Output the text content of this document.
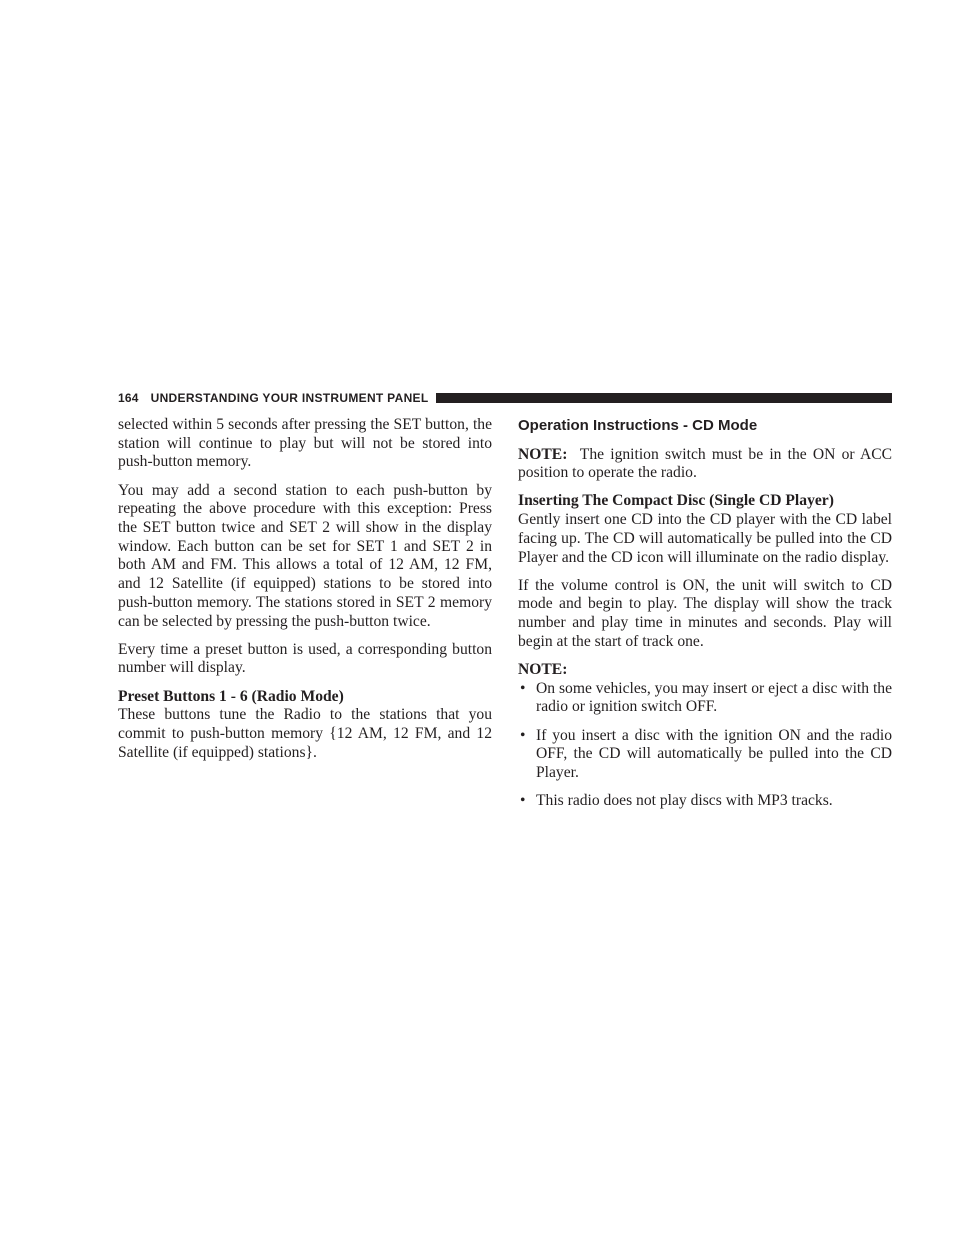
164 UNDERSTANDING YOUR INSTRUMENT PANEL

selected within 5 seconds after pressing the SET button, the station will continue to play but will not be stored into push-button memory.

You may add a second station to each push-button by repeating the above procedure with this exception: Press the SET button twice and SET 2 will show in the display window. Each button can be set for SET 1 and SET 2 in both AM and FM. This allows a total of 12 AM, 12 FM, and 12 Satellite (if equipped) stations to be stored into push-button memory. The stations stored in SET 2 memory can be selected by pressing the push-button twice.

Every time a preset button is used, a corresponding button number will display.

Preset Buttons 1 - 6 (Radio Mode)

These buttons tune the Radio to the stations that you commit to push-button memory {12 AM, 12 FM, and 12 Satellite (if equipped) stations}.

Operation Instructions - CD Mode

NOTE: The ignition switch must be in the ON or ACC position to operate the radio.

Inserting The Compact Disc (Single CD Player)

Gently insert one CD into the CD player with the CD label facing up. The CD will automatically be pulled into the CD Player and the CD icon will illuminate on the radio display.

If the volume control is ON, the unit will switch to CD mode and begin to play. The display will show the track number and play time in minutes and seconds. Play will begin at the start of track one.

NOTE:
• On some vehicles, you may insert or eject a disc with the radio or ignition switch OFF.
• If you insert a disc with the ignition ON and the radio OFF, the CD will automatically be pulled into the CD Player.
• This radio does not play discs with MP3 tracks.
